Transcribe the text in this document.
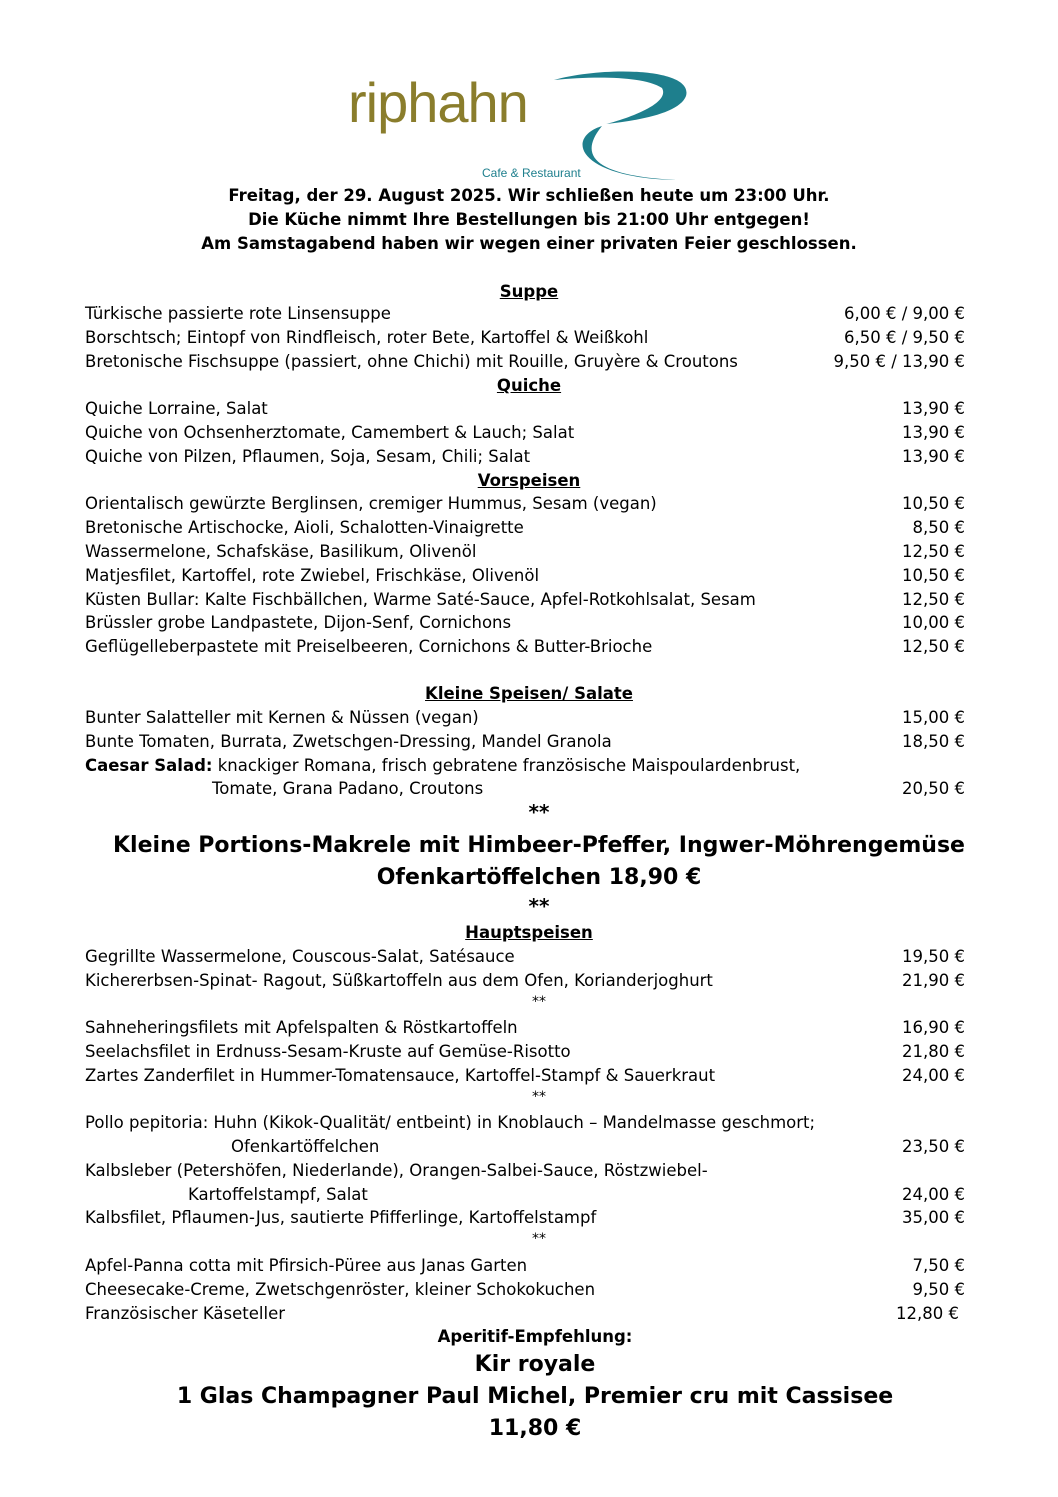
riphahn
Cafe & Restaurant
Freitag, der 29. August 2025. Wir schließen heute um 23:00 Uhr.
Die Küche nimmt Ihre Bestellungen bis 21:00 Uhr entgegen!
Am Samstagabend haben wir wegen einer privaten Feier geschlossen.
Suppe
Türkische passierte rote Linsensuppe	6,00 € / 9,00 €
Borschtsch; Eintopf von Rindfleisch, roter Bete, Kartoffel & Weißkohl	6,50 € / 9,50 €
Bretonische Fischsuppe (passiert, ohne Chichi) mit Rouille, Gruyère & Croutons	9,50 € / 13,90 €
Quiche
Quiche Lorraine, Salat	13,90 €
Quiche von Ochsenherztomate, Camembert & Lauch; Salat	13,90 €
Quiche von Pilzen, Pflaumen, Soja, Sesam, Chili; Salat	13,90 €
Vorspeisen
Orientalisch gewürzte Berglinsen, cremiger Hummus, Sesam (vegan)	10,50 €
Bretonische Artischocke, Aioli, Schalotten-Vinaigrette	8,50 €
Wassermelone, Schafskäse, Basilikum, Olivenöl	12,50 €
Matjesfilet, Kartoffel, rote Zwiebel, Frischkäse, Olivenöl	10,50 €
Küsten Bullar: Kalte Fischbällchen, Warme Saté-Sauce, Apfel-Rotkohlsalat, Sesam	12,50 €
Brüssler grobe Landpastete, Dijon-Senf, Cornichons	10,00 €
Geflügelleberpastete mit Preiselbeeren, Cornichons & Butter-Brioche	12,50 €
Kleine Speisen/ Salate
Bunter Salatteller mit Kernen & Nüssen (vegan)	15,00 €
Bunte Tomaten, Burrata, Zwetschgen-Dressing, Mandel Granola	18,50 €
Caesar Salad: knackiger Romana, frisch gebratene französische Maispoulardenbrust,
Tomate, Grana Padano, Croutons	20,50 €
**
Kleine Portions-Makrele mit Himbeer-Pfeffer, Ingwer-Möhrengemüse
Ofenkartöffelchen 18,90 €
**
Hauptspeisen
Gegrillte Wassermelone, Couscous-Salat, Satésauce	19,50 €
Kichererbsen-Spinat- Ragout, Süßkartoffeln aus dem Ofen, Korianderjoghurt	21,90 €
**
Sahneheringsfilets mit Apfelspalten & Röstkartoffeln	16,90 €
Seelachsfilet in Erdnuss-Sesam-Kruste auf Gemüse-Risotto	21,80 €
Zartes Zanderfilet in Hummer-Tomatensauce, Kartoffel-Stampf & Sauerkraut	24,00 €
**
Pollo pepitoria: Huhn (Kikok-Qualität/ entbeint) in Knoblauch – Mandelmasse geschmort;
Ofenkartöffelchen	23,50 €
Kalbsleber (Petershöfen, Niederlande), Orangen-Salbei-Sauce, Röstzwiebel-
Kartoffelstampf, Salat	24,00 €
Kalbsfilet, Pflaumen-Jus, sautierte Pfifferlinge, Kartoffelstampf	35,00 €
**
Apfel-Panna cotta mit Pfirsich-Püree aus Janas Garten	7,50 €
Cheesecake-Creme, Zwetschgenröster, kleiner Schokokuchen	9,50 €
Französischer Käseteller	12,80 €
Aperitif-Empfehlung:
Kir royale
1 Glas Champagner Paul Michel, Premier cru mit Cassisee
11,80 €
